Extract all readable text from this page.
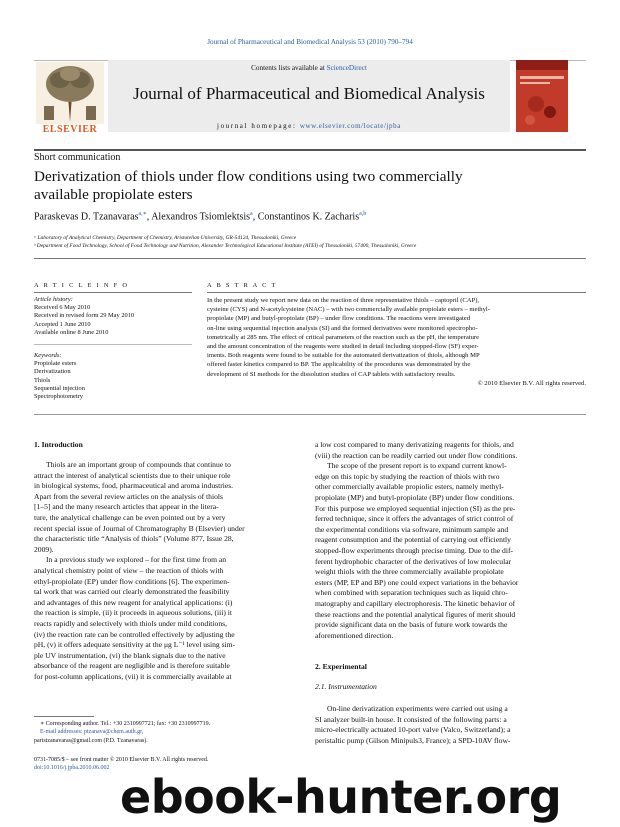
Journal of Pharmaceutical and Biomedical Analysis 53 (2010) 790–794
ELSEVIER
Contents lists available at ScienceDirect
Journal of Pharmaceutical and Biomedical Analysis
journal homepage: www.elsevier.com/locate/jpba
Short communication
Derivatization of thiols under flow conditions using two commercially
available propiolate esters
Paraskevas D. Tzanavaras$^{a,∗}$, Alexandros Tsiomlektsis$^a$, Constantinos K. Zacharis$^{a,b}$
ᵃ Laboratory of Analytical Chemistry, Department of Chemistry, Aristotelian University, GR-54124, Thessaloniki, Greece
ᵇ Department of Food Technology, School of Food Technology and Nutrition, Alexander Technological Educational Institute (ATEI) of Thessaloniki, 57400, Thessaloniki, Greece
A R T I C L E I N F O
Article history:
Received 6 May 2010
Received in revised form 29 May 2010
Accepted 1 June 2010
Available online 8 June 2010
Keywords:
Propiolate esters
Derivatization
Thiols
Sequential injection
Spectrophotometry
A B S T R A C T
In the present study we report new data on the reaction of three representative thiols – captopril (CAP),
cysteine (CYS) and N-acetylcysteine (NAC) – with two commercially available propiolate esters – methyl-
propiolate (MP) and butyl-propiolate (BP) – under flow conditions. The reactions were investigated
on-line using sequential injection analysis (SI) and the formed derivatives were monitored spectropho-
tometrically at 285 nm. The effect of critical parameters of the reaction such as the pH, the temperature
and the amount concentration of the reagents were studied in detail including stopped-flow (SF) exper-
iments. Both reagents were found to be suitable for the automated derivatization of thiols, although MP
offered faster kinetics compared to BP. The applicability of the procedures was demonstrated by the
development of SI methods for the dissolution studies of CAP tablets with satisfactory results.
© 2010 Elsevier B.V. All rights reserved.
1. Introduction
Thiols are an important group of compounds that continue to
attract the interest of analytical scientists due to their unique role
in biological systems, food, pharmaceutical and aroma industries.
Apart from the several review articles on the analysis of thiols
[1–5] and the many research articles that appear in the litera-
ture, the analytical challenge can be even pointed out by a very
recent special issue of Journal of Chromatography B (Elsevier) under
the characteristic title “Analysis of thiols” (Volume 877, Issue 28,
2009).
In a previous study we explored – for the first time from an
analytical chemistry point of view – the reaction of thiols with
ethyl-propiolate (EP) under flow conditions [6]. The experimen-
tal work that was carried out clearly demonstrated the feasibility
and advantages of this new reagent for analytical applications: (i)
the reaction is simple, (ii) it proceeds in aqueous solutions, (iii) it
reacts rapidly and selectively with thiols under mild conditions,
(iv) the reaction rate can be controlled effectively by adjusting the
pH, (v) it offers adequate sensitivity at the μg L⁻¹ level using sim-
ple UV instrumentation, (vi) the blank signals due to the native
absorbance of the reagent are negligible and is therefore suitable
for post-column applications, (vii) it is commercially available at
∗ Corresponding author. Tel.: +30 2310997721; fax: +30 2310997719.
E-mail addresses: ptzanava@chem.auth.gr,
paristzanavaras@gmail.com (P.D. Tzanavaras).
0731-7085/$ – see front matter © 2010 Elsevier B.V. All rights reserved.
doi:10.1016/j.jpba.2010.06.002
a low cost compared to many derivatizing reagents for thiols, and
(viii) the reaction can be readily carried out under flow conditions.
The scope of the present report is to expand current knowl-
edge on this topic by studying the reaction of thiols with two
other commercially available propiolic esters, namely methyl-
propiolate (MP) and butyl-propiolate (BP) under flow conditions.
For this purpose we employed sequential injection (SI) as the pre-
ferred technique, since it offers the advantages of strict control of
the experimental conditions via software, minimum sample and
reagent consumption and the potential of carrying out efficiently
stopped-flow experiments through precise timing. Due to the dif-
ferent hydrophobic character of the derivatives of low molecular
weight thiols with the three commercially available propiolate
esters (MP, EP and BP) one could expect variations in the behavior
when combined with separation techniques such as liquid chro-
matography and capillary electrophoresis. The kinetic behavior of
these reactions and the potential analytical figures of merit should
provide significant data on the basis of future work towards the
aforementioned direction.
2. Experimental
2.1. Instrumentation
On-line derivatization experiments were carried out using a
SI analyzer built-in house. It consisted of the following parts: a
micro-electrically actuated 10-port valve (Valco, Switzerland); a
peristaltic pump (Gilson Minipuls3, France); a SPD-10AV flow-
ebook-hunter.org
